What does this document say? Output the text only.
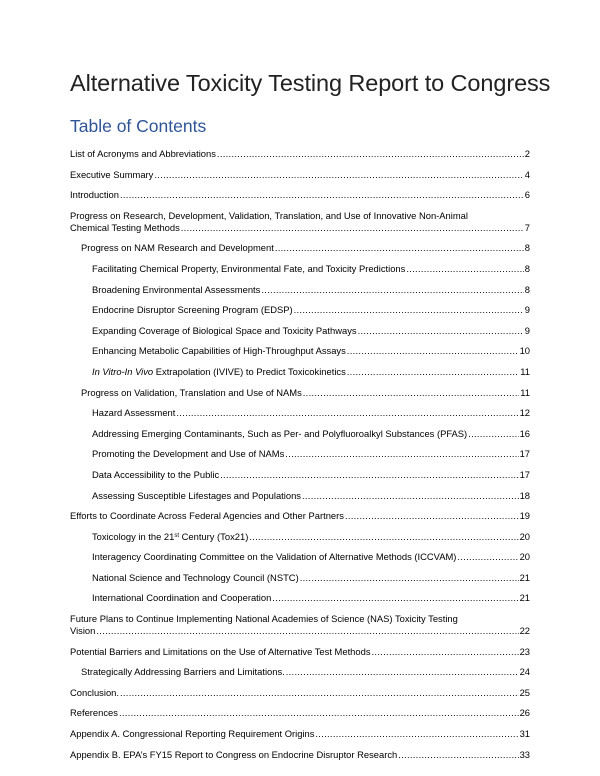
Alternative Toxicity Testing Report to Congress
Table of Contents
List of Acronyms and Abbreviations .....	2
Executive Summary .....	4
Introduction .....	6
Progress on Research, Development, Validation, Translation, and Use of Innovative Non-Animal
Chemical Testing Methods .....	7
Progress on NAM Research and Development .....	8
Facilitating Chemical Property, Environmental Fate, and Toxicity Predictions .....	8
Broadening Environmental Assessments .....	8
Endocrine Disruptor Screening Program (EDSP) .....	9
Expanding Coverage of Biological Space and Toxicity Pathways .....	9
Enhancing Metabolic Capabilities of High-Throughput Assays .....	10
In Vitro-In Vivo Extrapolation (IVIVE) to Predict Toxicokinetics .....	11
Progress on Validation, Translation and Use of NAMs .....	11
Hazard Assessment .....	12
Addressing Emerging Contaminants, Such as Per- and Polyfluoroalkyl Substances (PFAS) .....	16
Promoting the Development and Use of NAMs .....	17
Data Accessibility to the Public .....	17
Assessing Susceptible Lifestages and Populations .....	18
Efforts to Coordinate Across Federal Agencies and Other Partners .....	19
Toxicology in the 21st Century (Tox21) .....	20
Interagency Coordinating Committee on the Validation of Alternative Methods (ICCVAM) .....	20
National Science and Technology Council (NSTC) .....	21
International Coordination and Cooperation .....	21
Future Plans to Continue Implementing National Academies of Science (NAS) Toxicity Testing
Vision .....	22
Potential Barriers and Limitations on the Use of Alternative Test Methods .....	23
Strategically Addressing Barriers and Limitations. .....	24
Conclusion. .....	25
References .....	26
Appendix A. Congressional Reporting Requirement Origins .....	31
Appendix B. EPA’s FY15 Report to Congress on Endocrine Disruptor Research .....	33
